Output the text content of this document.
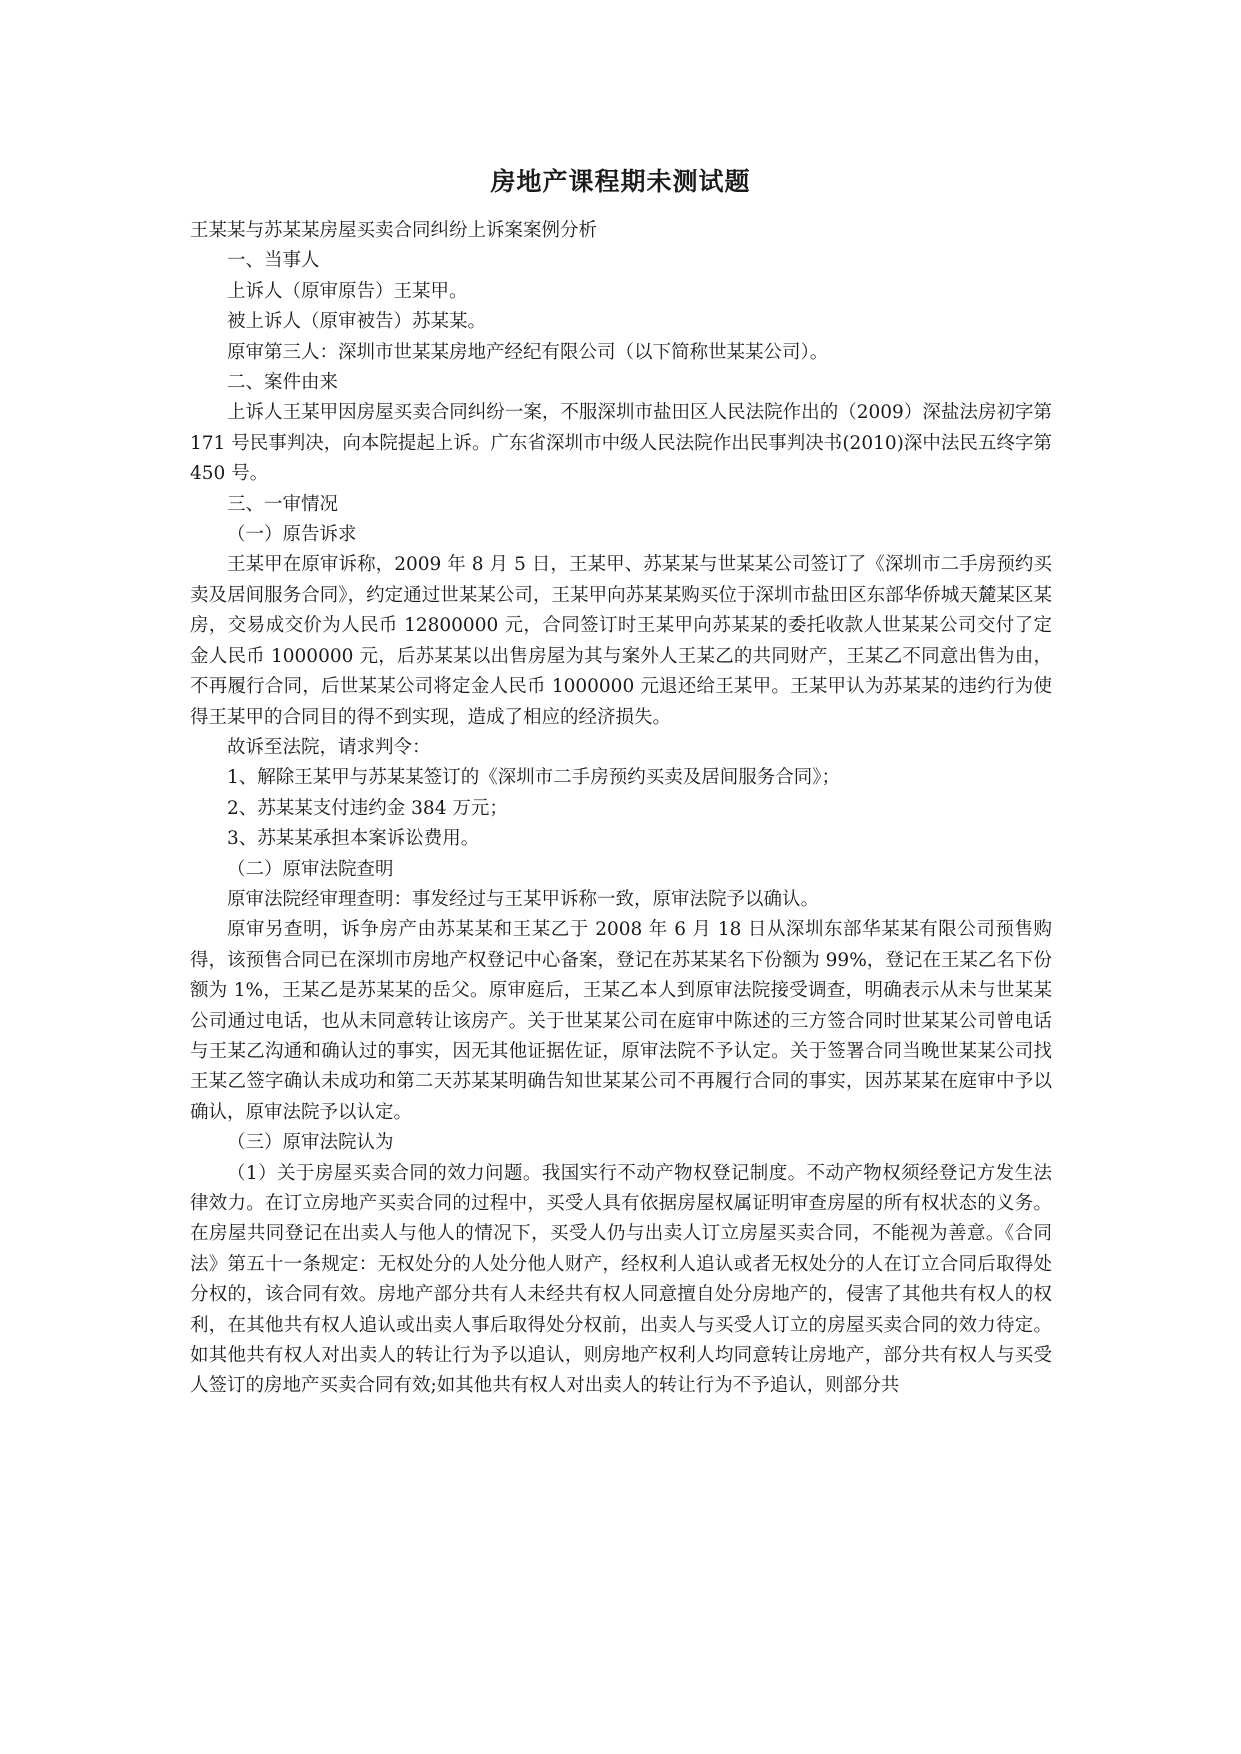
房地产课程期未测试题

王某某与苏某某房屋买卖合同纠纷上诉案案例分析

一、当事人

上诉人（原审原告）王某甲。

被上诉人（原审被告）苏某某。

原审第三人：深圳市世某某房地产经纪有限公司（以下简称世某某公司）。

二、案件由来

上诉人王某甲因房屋买卖合同纠纷一案，不服深圳市盐田区人民法院作出的（2009）深盐法房初字第 171 号民事判决，向本院提起上诉。广东省深圳市中级人民法院作出民事判决书(2010)深中法民五终字第 450 号。

三、一审情况

（一）原告诉求

王某甲在原审诉称，2009 年 8 月 5 日，王某甲、苏某某与世某某公司签订了《深圳市二手房预约买卖及居间服务合同》，约定通过世某某公司，王某甲向苏某某购买位于深圳市盐田区东部华侨城天麓某区某房，交易成交价为人民币 12800000 元，合同签订时王某甲向苏某某的委托收款人世某某公司交付了定金人民币 1000000 元，后苏某某以出售房屋为其与案外人王某乙的共同财产，王某乙不同意出售为由，不再履行合同，后世某某公司将定金人民币 1000000 元退还给王某甲。王某甲认为苏某某的违约行为使得王某甲的合同目的得不到实现，造成了相应的经济损失。

故诉至法院，请求判令：

1、解除王某甲与苏某某签订的《深圳市二手房预约买卖及居间服务合同》；

2、苏某某支付违约金 384 万元；

3、苏某某承担本案诉讼费用。

（二）原审法院查明

原审法院经审理查明：事发经过与王某甲诉称一致，原审法院予以确认。

原审另查明，诉争房产由苏某某和王某乙于 2008 年 6 月 18 日从深圳东部华某某有限公司预售购得，该预售合同已在深圳市房地产权登记中心备案，登记在苏某某名下份额为 99%，登记在王某乙名下份额为 1%，王某乙是苏某某的岳父。原审庭后，王某乙本人到原审法院接受调查，明确表示从未与世某某公司通过电话，也从未同意转让该房产。关于世某某公司在庭审中陈述的三方签合同时世某某公司曾电话与王某乙沟通和确认过的事实，因无其他证据佐证，原审法院不予认定。关于签署合同当晚世某某公司找王某乙签字确认未成功和第二天苏某某明确告知世某某公司不再履行合同的事实，因苏某某在庭审中予以确认，原审法院予以认定。

（三）原审法院认为

（1）关于房屋买卖合同的效力问题。我国实行不动产物权登记制度。不动产物权须经登记方发生法律效力。在订立房地产买卖合同的过程中，买受人具有依据房屋权属证明审查房屋的所有权状态的义务。在房屋共同登记在出卖人与他人的情况下，买受人仍与出卖人订立房屋买卖合同，不能视为善意。《合同法》第五十一条规定：无权处分的人处分他人财产，经权利人追认或者无权处分的人在订立合同后取得处分权的，该合同有效。房地产部分共有人未经共有权人同意擅自处分房地产的，侵害了其他共有权人的权利，在其他共有权人追认或出卖人事后取得处分权前，出卖人与买受人订立的房屋买卖合同的效力待定。如其他共有权人对出卖人的转让行为予以追认，则房地产权利人均同意转让房地产，部分共有权人与买受人签订的房地产买卖合同有效;如其他共有权人对出卖人的转让行为不予追认，则部分共
